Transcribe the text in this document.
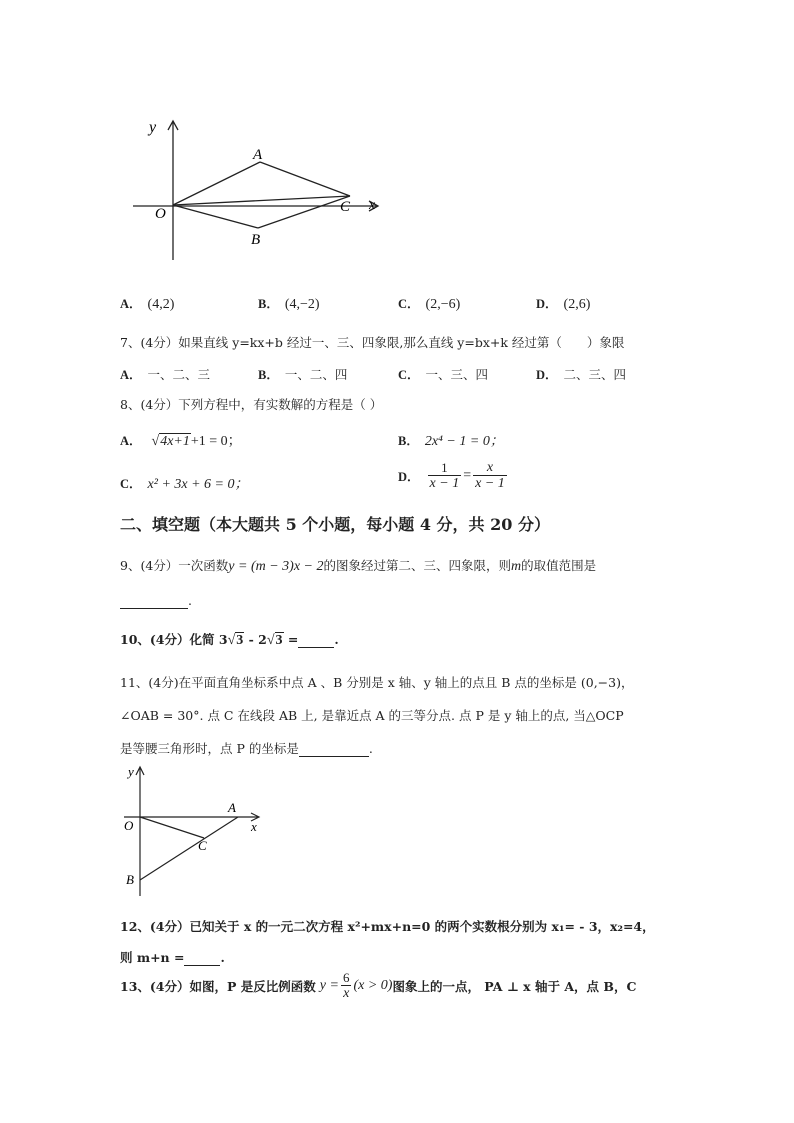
y
x
O
A
B
C
A． (4,2)	B． (4,−2)	C． (2,−6)	D． (2,6)
7、(4分）如果直线 y=kx+b 经过一、三、四象限,那么直线 y=bx+k 经过第（　　）象限
A． 一、二、三	B． 一、二、四	C． 一、三、四	D． 二、三、四
8、(4分）下列方程中，有实数解的方程是（ ）
A． √4x+1+1 = 0；	B． 2x⁴ − 1 = 0；
C． x² + 3x + 6 = 0；
D． $\frac{1}{x - 1} = \frac{x}{x - 1}$
二、填空题（本大题共 5 个小题，每小题 4 分，共 20 分）
9、(4分）一次函数y = (m − 3)x − 2的图象经过第二、三、四象限，则m的取值范围是
.
10、(4分）化简 3√3 - 2√3 =	.
11、(4分)在平面直角坐标系中点 A 、B 分别是 x 轴、y 轴上的点且 B 点的坐标是 (0,−3)，
∠OAB = 30°. 点 C 在线段 AB 上, 是靠近点 A 的三等分点. 点 P 是 y 轴上的点, 当△OCP
是等腰三角形时，点 P 的坐标是	.
y
x
O
A
C
B
12、(4分）已知关于 x 的一元二次方程 x²+mx+n=0 的两个实数根分别为 x₁= - 3，x₂=4，
则 m+n =	.
13、(4分）如图，P 是反比例函数 $y = \frac{6}{x} (x > 0)$ 图象上的一点， PA ⊥ x 轴于 A，点 B，C
